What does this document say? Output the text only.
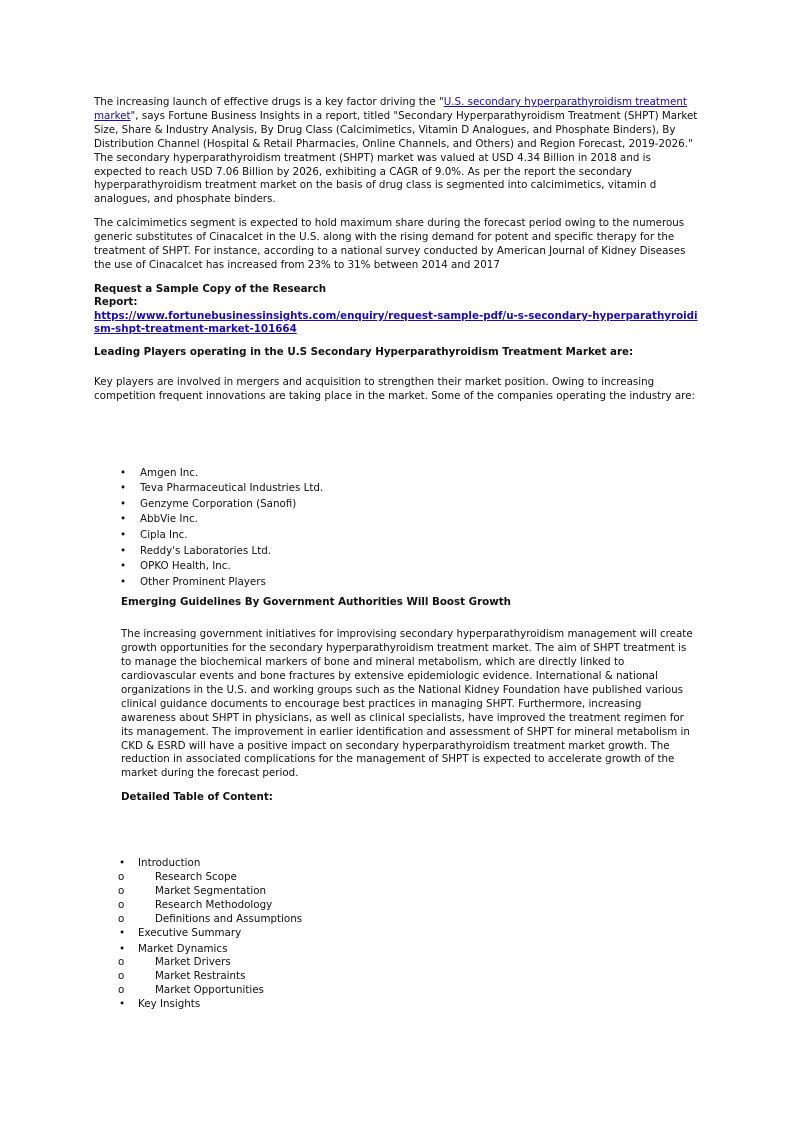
The increasing launch of effective drugs is a key factor driving the "U.S. secondary hyperparathyroidism treatment market", says Fortune Business Insights in a report, titled "Secondary Hyperparathyroidism Treatment (SHPT) Market Size, Share & Industry Analysis, By Drug Class (Calcimimetics, Vitamin D Analogues, and Phosphate Binders), By Distribution Channel (Hospital & Retail Pharmacies, Online Channels, and Others) and Region Forecast, 2019-2026." The secondary hyperparathyroidism treatment (SHPT) market was valued at USD 4.34 Billion in 2018 and is expected to reach USD 7.06 Billion by 2026, exhibiting a CAGR of 9.0%. As per the report the secondary hyperparathyroidism treatment market on the basis of drug class is segmented into calcimimetics, vitamin d analogues, and phosphate binders.

The calcimimetics segment is expected to hold maximum share during the forecast period owing to the numerous generic substitutes of Cinacalcet in the U.S. along with the rising demand for potent and specific therapy for the treatment of SHPT. For instance, according to a national survey conducted by American Journal of Kidney Diseases the use of Cinacalcet has increased from 23% to 31% between 2014 and 2017

Request a Sample Copy of the Research
Report:
https://www.fortunebusinessinsights.com/enquiry/request-sample-pdf/u-s-secondary-hyperparathyroidism-shpt-treatment-market-101664

Leading Players operating in the U.S Secondary Hyperparathyroidism Treatment Market are:

Key players are involved in mergers and acquisition to strengthen their market position. Owing to increasing competition frequent innovations are taking place in the market. Some of the companies operating the industry are:

• Amgen Inc.
• Teva Pharmaceutical Industries Ltd.
• Genzyme Corporation (Sanofi)
• AbbVie Inc.
• Cipla Inc.
• Reddy's Laboratories Ltd.
• OPKO Health, Inc.
• Other Prominent Players

Emerging Guidelines By Government Authorities Will Boost Growth

The increasing government initiatives for improvising secondary hyperparathyroidism management will create growth opportunities for the secondary hyperparathyroidism treatment market. The aim of SHPT treatment is to manage the biochemical markers of bone and mineral metabolism, which are directly linked to cardiovascular events and bone fractures by extensive epidemiologic evidence. International & national organizations in the U.S. and working groups such as the National Kidney Foundation have published various clinical guidance documents to encourage best practices in managing SHPT. Furthermore, increasing awareness about SHPT in physicians, as well as clinical specialists, have improved the treatment regimen for its management. The improvement in earlier identification and assessment of SHPT for mineral metabolism in CKD & ESRD will have a positive impact on secondary hyperparathyroidism treatment market growth. The reduction in associated complications for the management of SHPT is expected to accelerate growth of the market during the forecast period.

Detailed Table of Content:

• Introduction
o	Research Scope
o	Market Segmentation
o	Research Methodology
o	Definitions and Assumptions
• Executive Summary
• Market Dynamics
o	Market Drivers
o	Market Restraints
o	Market Opportunities
• Key Insights
